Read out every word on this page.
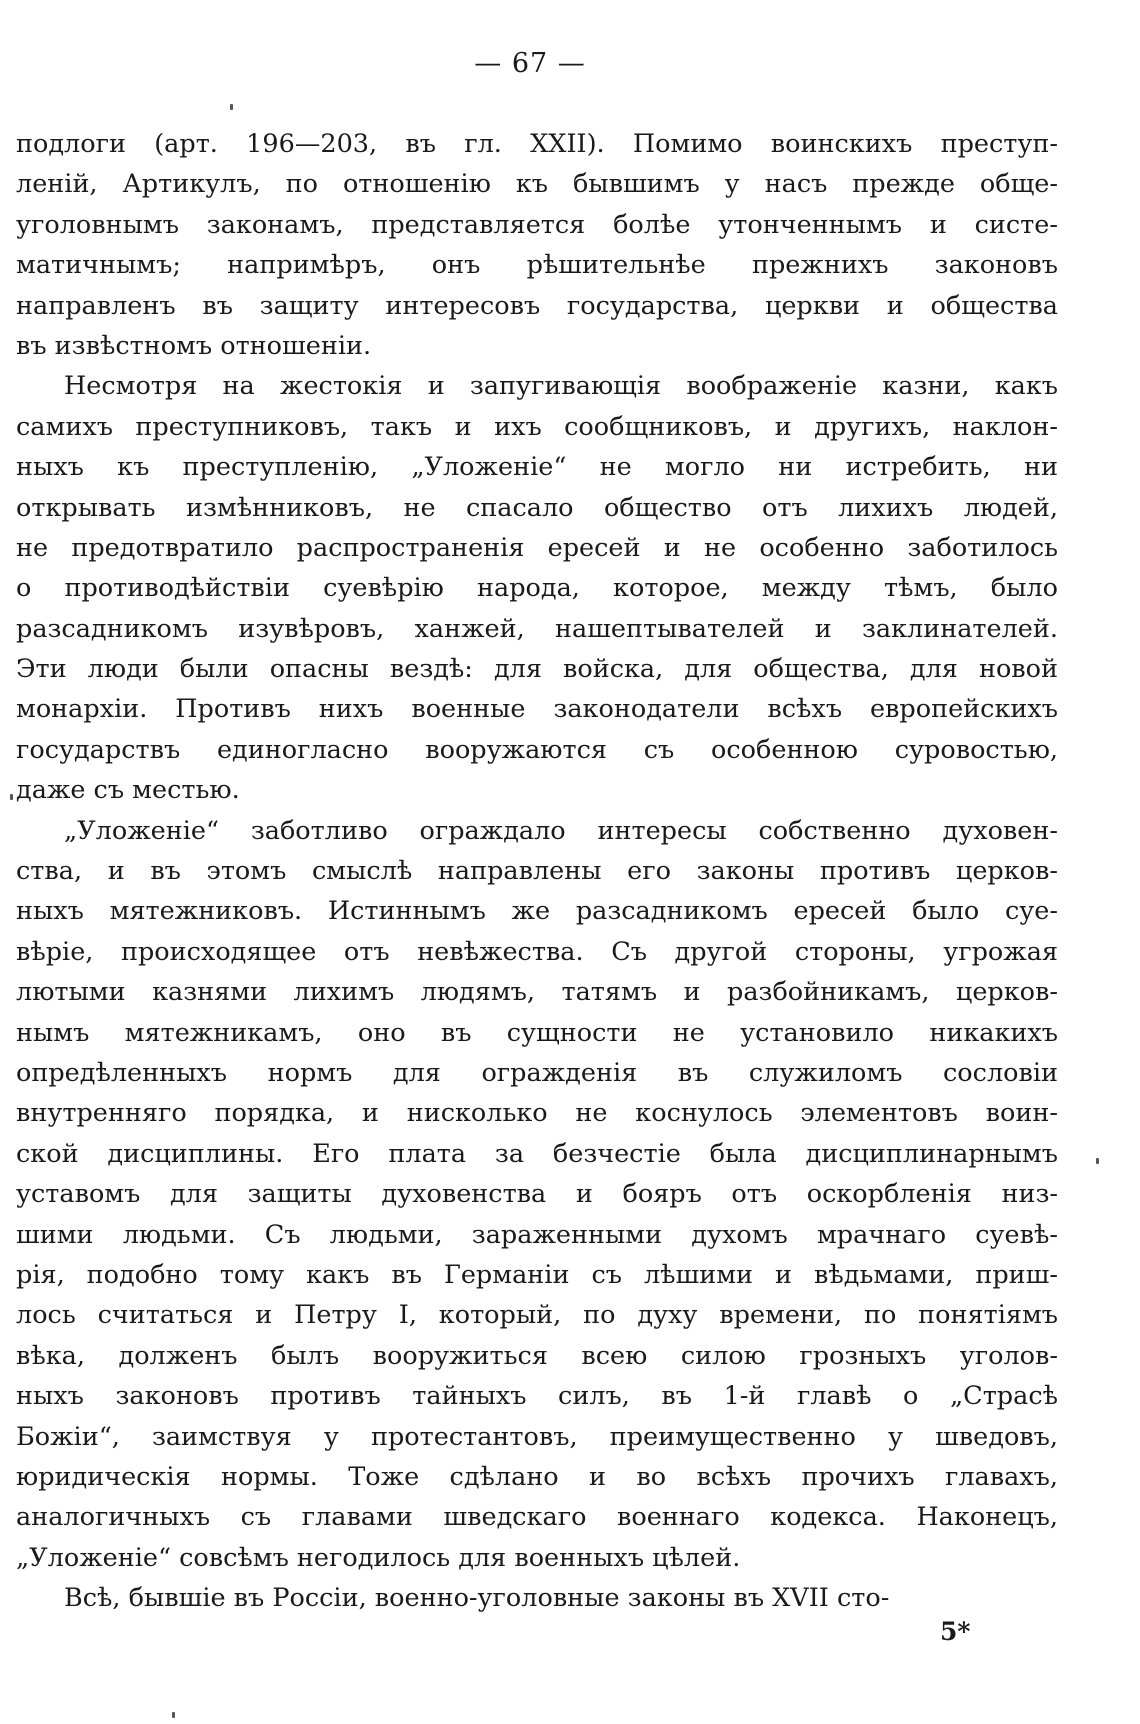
— 67 —
подлоги (арт. 196—203, въ гл. XXII). Помимо воинскихъ преступ-
леній, Артикулъ, по отношенію къ бывшимъ у насъ прежде обще-
уголовнымъ законамъ, представляется болѣе утонченнымъ и систе-
матичнымъ; напримѣръ, онъ рѣшительнѣе прежнихъ законовъ
направленъ въ защиту интересовъ государства, церкви и общества
въ извѣстномъ отношеніи.
Несмотря на жестокія и запугивающія воображеніе казни, какъ
самихъ преступниковъ, такъ и ихъ сообщниковъ, и другихъ, наклон-
ныхъ къ преступленію, „Уложеніе“ не могло ни истребить, ни
открывать измѣнниковъ, не спасало общество отъ лихихъ людей,
не предотвратило распространенія ересей и не особенно заботилось
о противодѣйствіи суевѣрію народа, которое, между тѣмъ, было
разсадникомъ изувѣровъ, ханжей, нашептывателей и заклинателей.
Эти люди были опасны вездѣ: для войска, для общества, для новой
монархіи. Противъ нихъ военные законодатели всѣхъ европейскихъ
государствъ единогласно вооружаются съ особенною суровостью,
даже съ местью.
„Уложеніе“ заботливо ограждало интересы собственно духовен-
ства, и въ этомъ смыслѣ направлены его законы противъ церков-
ныхъ мятежниковъ. Истиннымъ же разсадникомъ ересей было суе-
вѣріе, происходящее отъ невѣжества. Съ другой стороны, угрожая
лютыми казнями лихимъ людямъ, татямъ и разбойникамъ, церков-
нымъ мятежникамъ, оно въ сущности не установило никакихъ
опредѣленныхъ нормъ для огражденія въ служиломъ сословіи
внутренняго порядка, и нисколько не коснулось элементовъ воин-
ской дисциплины. Его плата за безчестіе была дисциплинарнымъ
уставомъ для защиты духовенства и бояръ отъ оскорбленія низ-
шими людьми. Съ людьми, зараженными духомъ мрачнаго суевѣ-
рія, подобно тому какъ въ Германіи съ лѣшими и вѣдьмами, приш-
лось считаться и Петру I, который, по духу времени, по понятіямъ
вѣка, долженъ былъ вооружиться всею силою грозныхъ уголов-
ныхъ законовъ противъ тайныхъ силъ, въ 1-й главѣ о „Страсѣ
Божіи“, заимствуя у протестантовъ, преимущественно у шведовъ,
юридическія нормы. Тоже сдѣлано и во всѣхъ прочихъ главахъ,
аналогичныхъ съ главами шведскаго военнаго кодекса. Наконецъ,
„Уложеніе“ совсѣмъ негодилось для военныхъ цѣлей.
Всѣ, бывшіе въ Россіи, военно-уголовные законы въ XVII сто-
5*
